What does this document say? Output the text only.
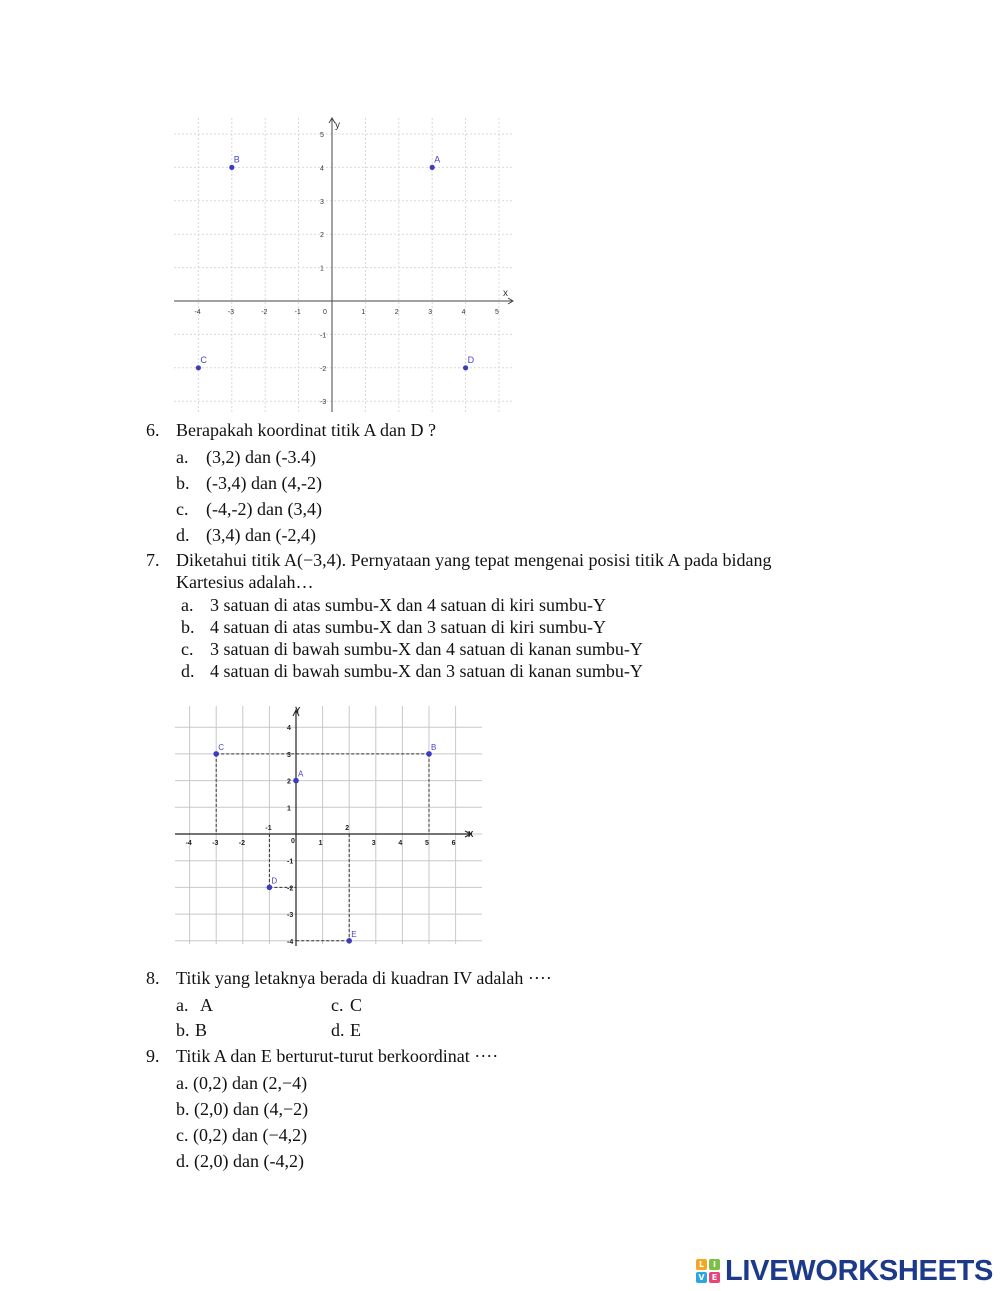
x
y
-4	-3	-2	-1	0	1	2	3	4	5
5
4
3
2
1
-1
-2
-3
A
B
C	D
6. Berapakah koordinat titik A dan D ?
a. (3,2) dan (-3.4)
b. (-3,4) dan (4,-2)
c. (-4,-2) dan (3,4)
d. (3,4) dan (-2,4)
7. Diketahui titik A(−3,4). Pernyataan yang tepat mengenai posisi titik A pada bidang
Kartesius adalah…
a. 3 satuan di atas sumbu-X dan 4 satuan di kiri sumbu-Y
b. 4 satuan di atas sumbu-X dan 3 satuan di kiri sumbu-Y
c. 3 satuan di bawah sumbu-X dan 4 satuan di kanan sumbu-Y
d. 4 satuan di bawah sumbu-X dan 3 satuan di kanan sumbu-Y
X
Y
-4	-3	-2	1	3	4	5	6
-1	2
4
3
2
1
-1
-2
-3
-4
0
A
B
C
D
E
8. Titik yang letaknya berada di kuadran IV adalah ····
a. A	c. C
b. B	d. E
9. Titik A dan E berturut-turut berkoordinat ····
a. (0,2) dan (2,−4)
b. (2,0) dan (4,−2)
c. (0,2) dan (−4,2)
d. (2,0) dan (-4,2)
L	I
V E LIVEWORKSHEETS
